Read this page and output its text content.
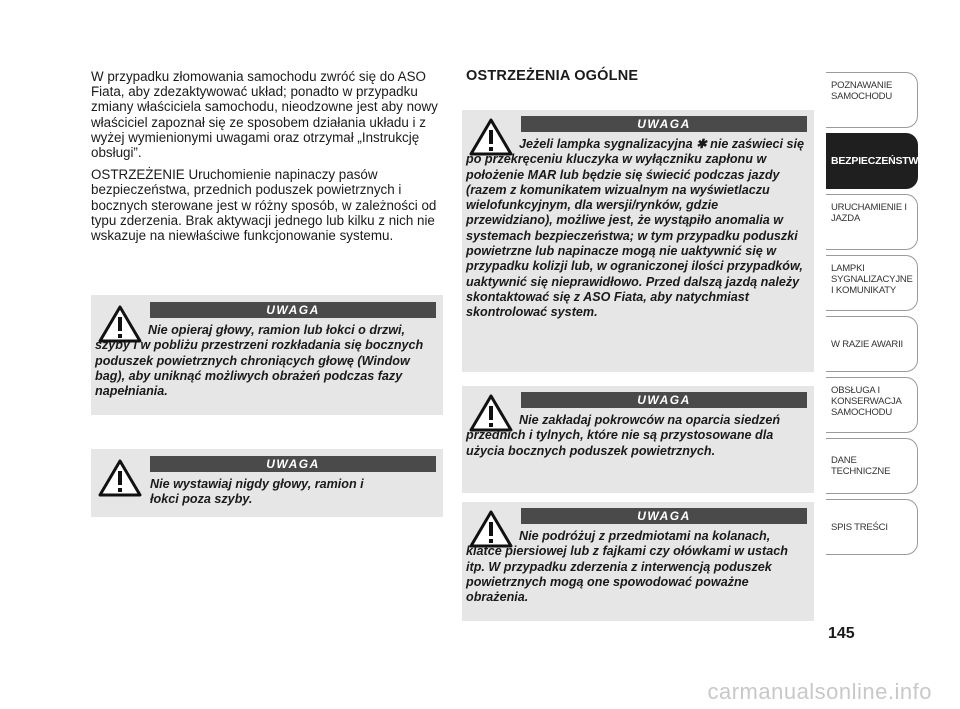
W przypadku złomowania samochodu zwróć się do ASO Fiata, aby zdezaktywować układ; ponadto w przypadku zmiany właściciela samochodu, nieodzowne jest aby nowy właściciel zapoznał się ze sposobem działania układu i z wyżej wymienionymi uwagami oraz otrzymał „Instrukcję obsługi”.

OSTRZEŻENIE Uruchomienie napinaczy pasów bezpieczeństwa, przednich poduszek powietrznych i bocznych sterowane jest w różny sposób, w zależności od typu zderzenia. Brak aktywacji jednego lub kilku z nich nie wskazuje na niewłaściwe funkcjonowanie systemu.

UWAGA
Nie opieraj głowy, ramion lub łokci o drzwi, szyby i w pobliżu przestrzeni rozkładania się bocznych poduszek powietrznych chroniących głowę (Window bag), aby uniknąć możliwych obrażeń podczas fazy napełniania.
UWAGA
Nie wystawiaj nigdy głowy, ramion i łokci poza szyby.
OSTRZEŻENIA OGÓLNE
UWAGA
Jeżeli lampka sygnalizacyjna ✱ nie zaświeci się po przekręceniu kluczyka w wyłączniku zapłonu w położenie MAR lub będzie się świecić podczas jazdy (razem z komunikatem wizualnym na wyświetlaczu wielofunkcyjnym, dla wersji/rynków, gdzie przewidziano), możliwe jest, że wystąpiło anomalia w systemach bezpieczeństwa; w tym przypadku poduszki powietrzne lub napinacze mogą nie uaktywnić się w przypadku kolizji lub, w ograniczonej ilości przypadków, uaktywnić się nieprawidłowo. Przed dalszą jazdą należy skontaktować się z ASO Fiata, aby natychmiast skontrolować system.
UWAGA
Nie zakładaj pokrowców na oparcia siedzeń przednich i tylnych, które nie są przystosowane dla użycia bocznych poduszek powietrznych.
UWAGA
Nie podróżuj z przedmiotami na kolanach, klatce piersiowej lub z fajkami czy ołówkami w ustach itp. W przypadku zderzenia z interwencją poduszek powietrznych mogą one spowodować poważne obrażenia.
POZNAWANIE SAMOCHODU
BEZPIECZEŃSTWO
URUCHAMIENIE I JAZDA
LAMPKI SYGNALIZACYJNE I KOMUNIKATY
W RAZIE AWARII
OBSŁUGA I KONSERWACJA SAMOCHODU
DANE TECHNICZNE
SPIS TREŚCI
145
carmanualsonline.info
